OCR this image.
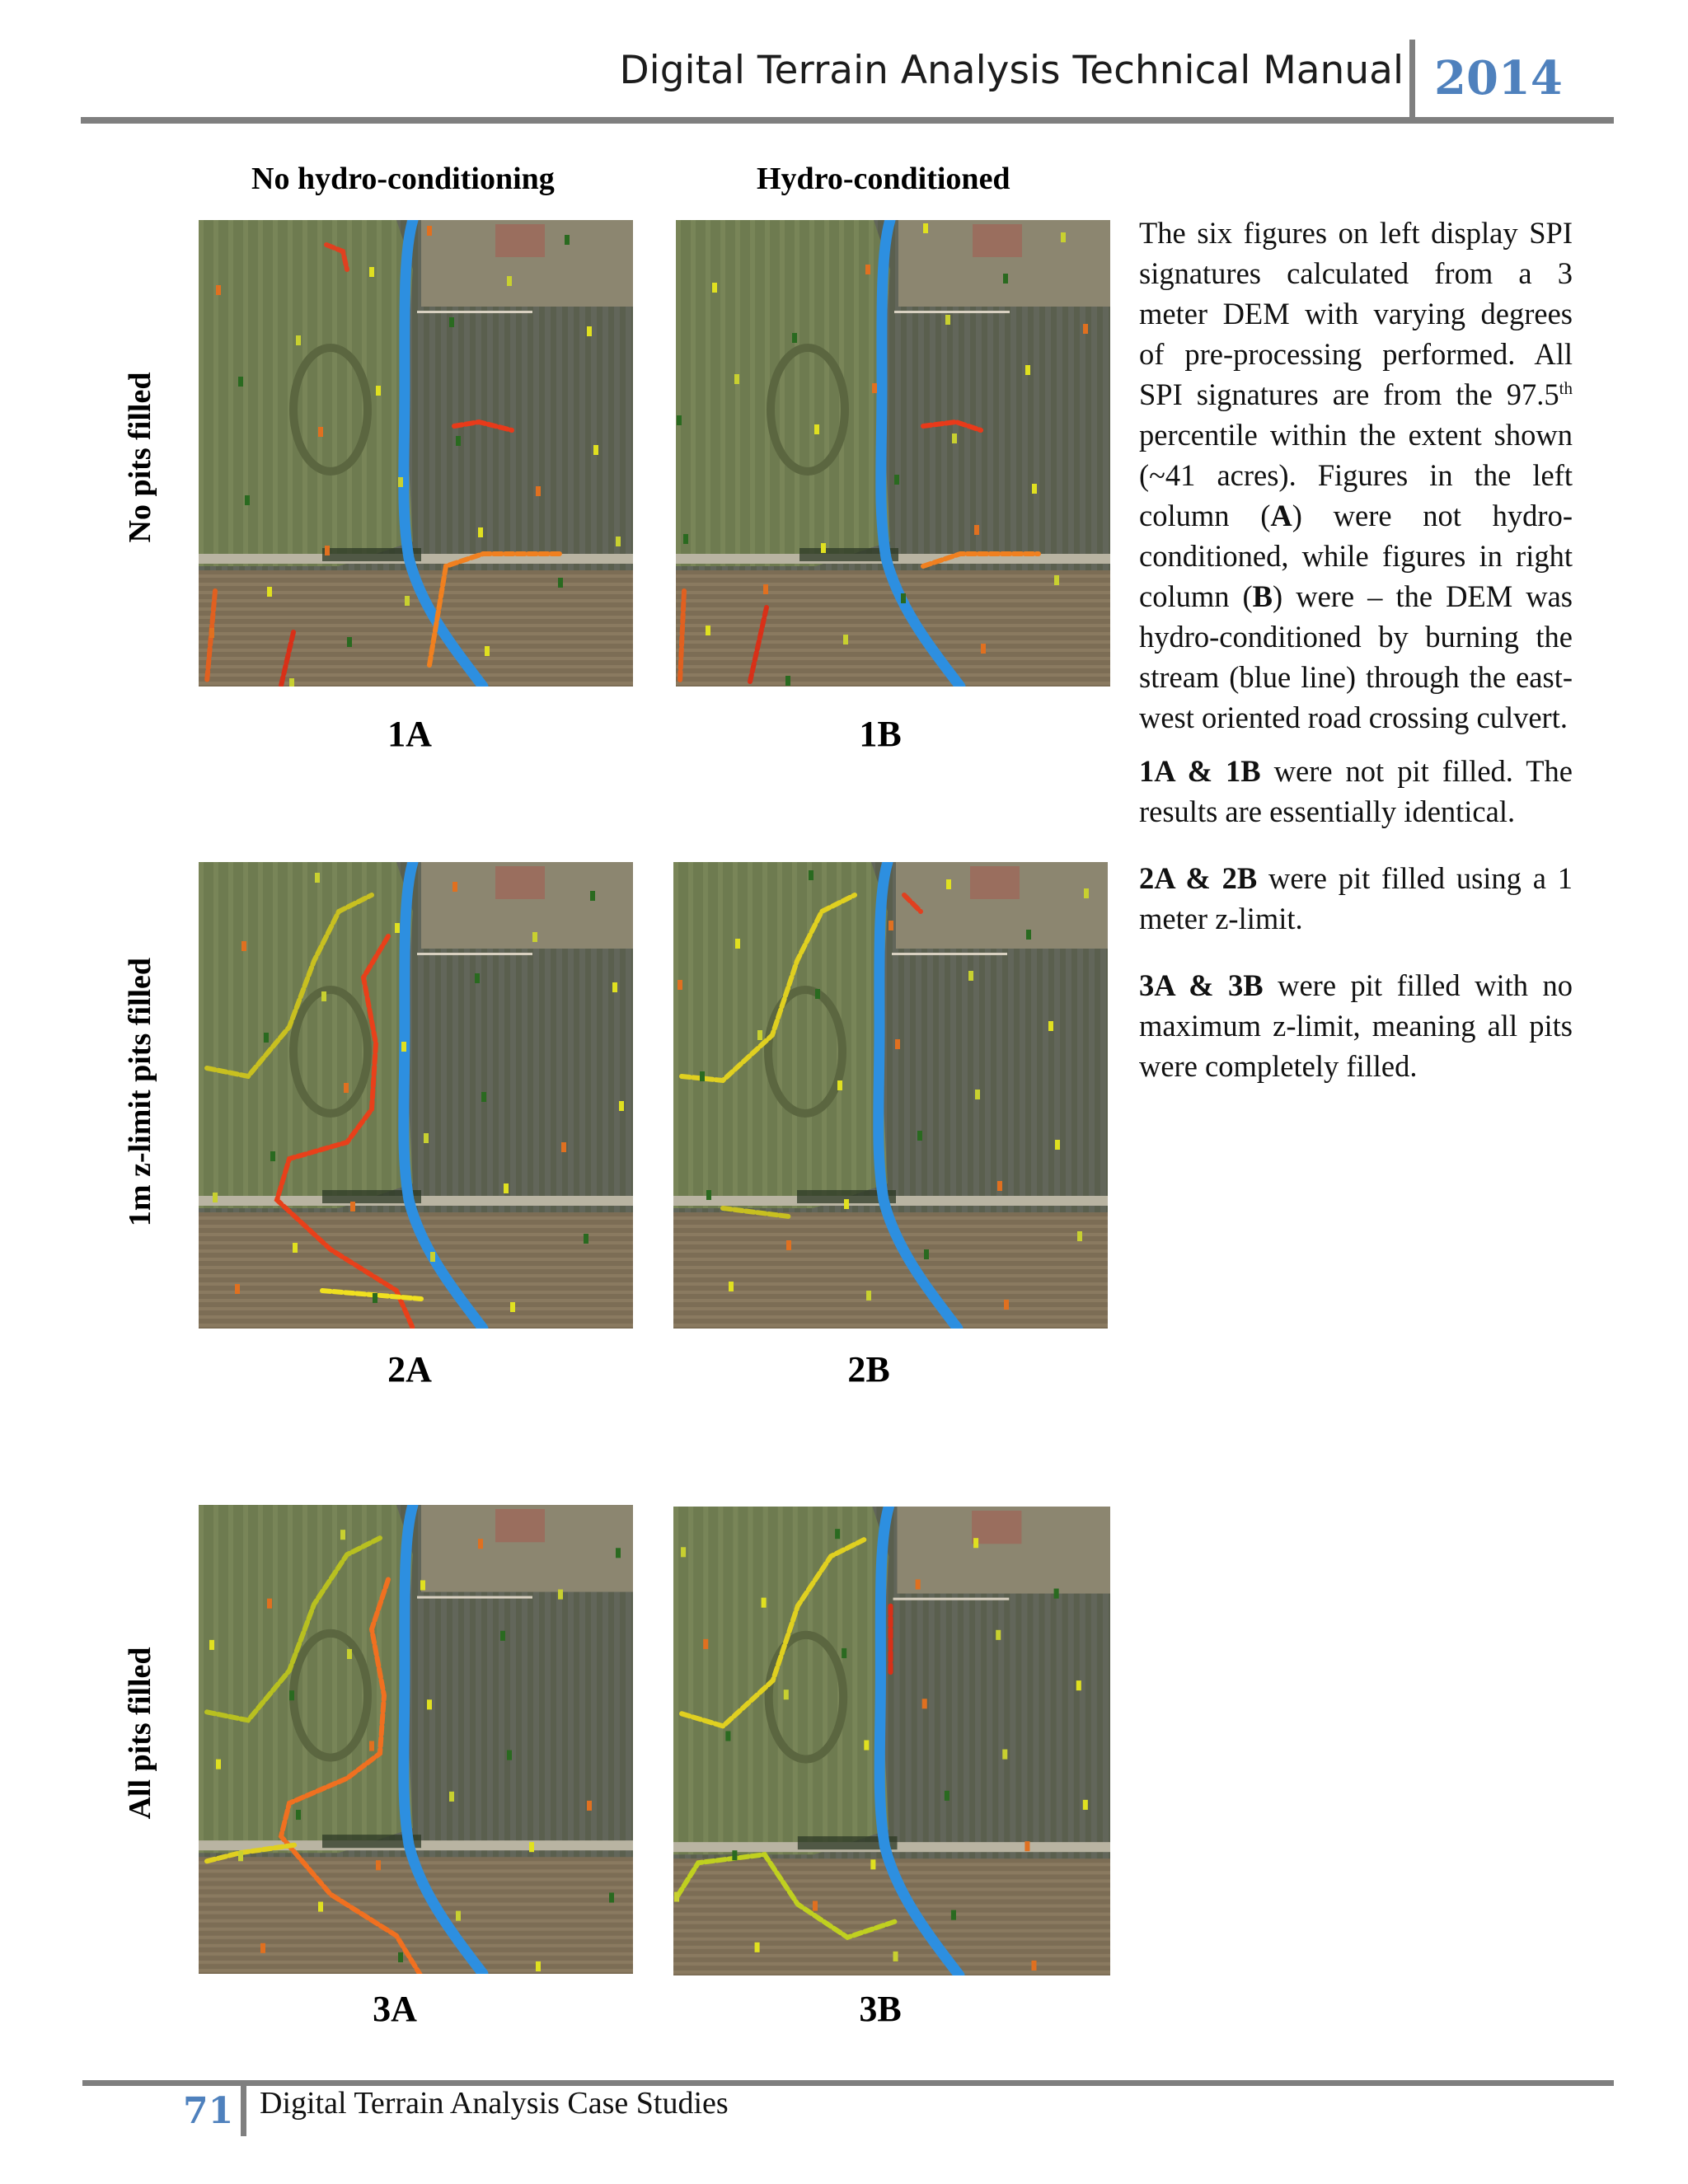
Digital Terrain Analysis Technical Manual 2014
No hydro-conditioning	Hydro-conditioned
No pits filled
1m z-limit pits filled
All pits filled
1A	1B
2A	2B
3A	3B

The six figures on left display SPI signatures calculated from a 3 meter DEM with varying degrees of pre-processing performed. All SPI signatures are from the 97.5th percentile within the extent shown (~41 acres). Figures in the left column (A) were not hydro-conditioned, while figures in right column (B) were – the DEM was hydro-conditioned by burning the stream (blue line) through the east-west oriented road crossing culvert.

1A & 1B were not pit filled. The results are essentially identical.

2A & 2B were pit filled using a 1 meter z-limit.

3A & 3B were pit filled with no maximum z-limit, meaning all pits were completely filled.

71 Digital Terrain Analysis Case Studies
